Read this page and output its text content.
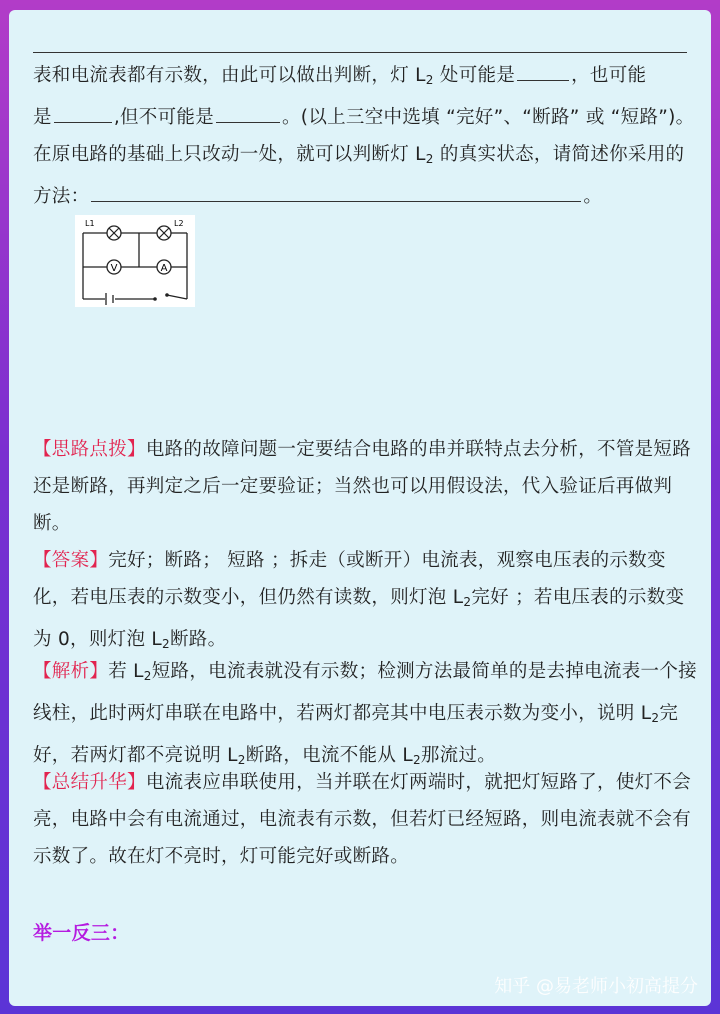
表和电流表都有示数，由此可以做出判断，灯 $L_2$ 处可能是	，也可能
是	,但不可能是	。(以上三空中选填 “完好”、“断路” 或 “短路”)。
在原电路的基础上只改动一处，就可以判断灯 $L_2$ 的真实状态，请简述你采用的
方法：	。
V	A
L1	L2
【思路点拨】电路的故障问题一定要结合电路的串并联特点去分析，不管是短路还是断路，再判定之后一定要验证；当然也可以用假设法，代入验证后再做判断。
【答案】完好；断路； 短路 ；拆走（或断开）电流表，观察电压表的示数变化，若电压表的示数变小，但仍然有读数，则灯泡 $L_2$完好 ；若电压表的示数变为 0，则灯泡 $L_2$断路。
【解析】若 $L_2$短路，电流表就没有示数；检测方法最简单的是去掉电流表一个接线柱，此时两灯串联在电路中，若两灯都亮其中电压表示数为变小，说明 $L_2$完好，若两灯都不亮说明 $L_2$断路，电流不能从 $L_2$那流过。
【总结升华】电流表应串联使用，当并联在灯两端时，就把灯短路了，使灯不会亮，电路中会有电流通过，电流表有示数，但若灯已经短路，则电流表就不会有示数了。故在灯不亮时，灯可能完好或断路。
举一反三：
知乎 @易老师小初高提分
